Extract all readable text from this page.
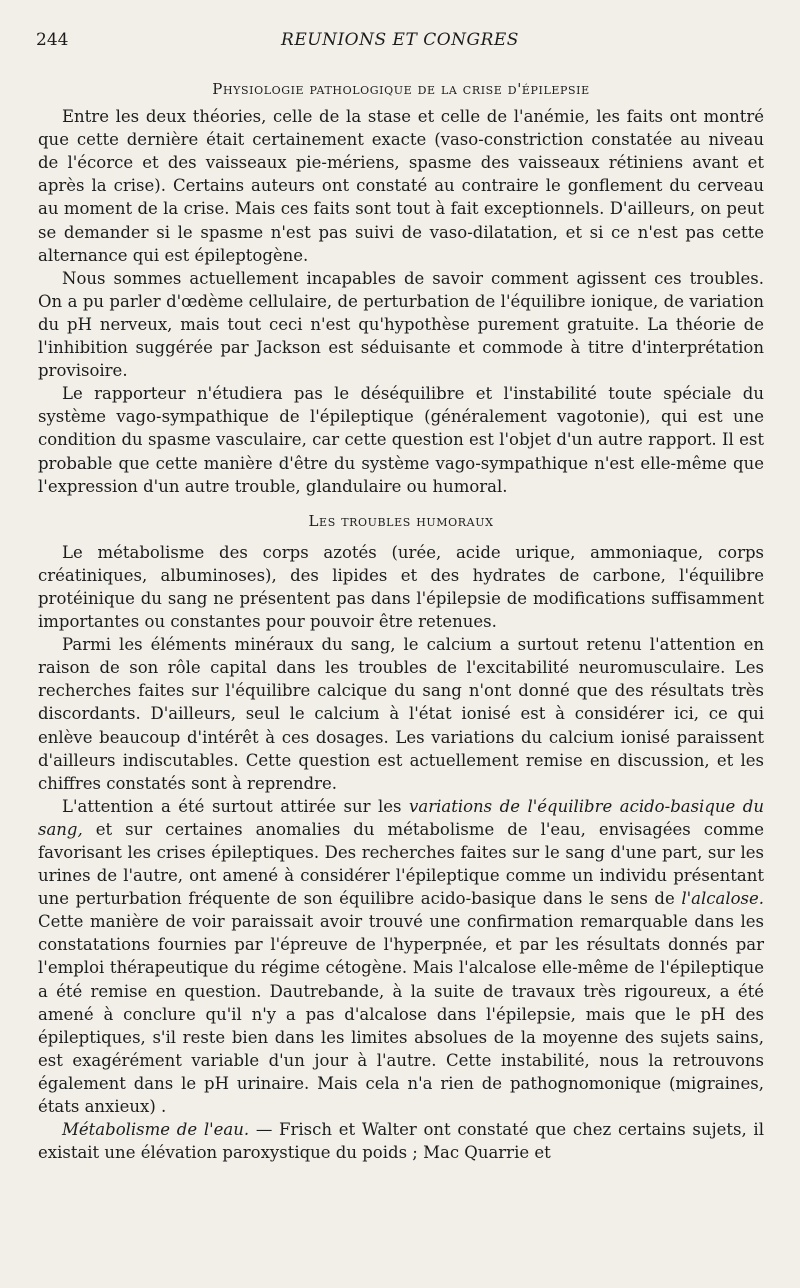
244	REUNIONS ET CONGRES
Physiologie pathologique de la crise d'épilepsie

Entre les deux théories, celle de la stase et celle de l'anémie, les faits ont montré que cette dernière était certainement exacte (vaso-constriction constatée au niveau de l'écorce et des vaisseaux pie-mériens, spasme des vaisseaux rétiniens avant et après la crise). Certains auteurs ont constaté au contraire le gonflement du cerveau au moment de la crise. Mais ces faits sont tout à fait exceptionnels. D'ailleurs, on peut se demander si le spasme n'est pas suivi de vaso-dilatation, et si ce n'est pas cette alternance qui est épileptogène.

Nous sommes actuellement incapables de savoir comment agissent ces troubles. On a pu parler d'œdème cellulaire, de perturbation de l'équilibre ionique, de variation du pH nerveux, mais tout ceci n'est qu'hypothèse purement gratuite. La théorie de l'inhibition suggérée par Jackson est séduisante et commode à titre d'interprétation provisoire.

Le rapporteur n'étudiera pas le déséquilibre et l'instabilité toute spéciale du système vago-sympathique de l'épileptique (généralement vagotonie), qui est une condition du spasme vasculaire, car cette question est l'objet d'un autre rapport. Il est probable que cette manière d'être du système vago-sympathique n'est elle-même que l'expression d'un autre trouble, glandulaire ou humoral.

Les troubles humoraux

Le métabolisme des corps azotés (urée, acide urique, ammoniaque, corps créatiniques, albuminoses), des lipides et des hydrates de carbone, l'équilibre protéinique du sang ne présentent pas dans l'épilepsie de modifications suffisamment importantes ou constantes pour pouvoir être retenues.

Parmi les éléments minéraux du sang, le calcium a surtout retenu l'attention en raison de son rôle capital dans les troubles de l'excitabilité neuromusculaire. Les recherches faites sur l'équilibre calcique du sang n'ont donné que des résultats très discordants. D'ailleurs, seul le calcium à l'état ionisé est à considérer ici, ce qui enlève beaucoup d'intérêt à ces dosages. Les variations du calcium ionisé paraissent d'ailleurs indiscutables. Cette question est actuellement remise en discussion, et les chiffres constatés sont à reprendre.

L'attention a été surtout attirée sur les variations de l'équilibre acido-basique du sang, et sur certaines anomalies du métabolisme de l'eau, envisagées comme favorisant les crises épileptiques. Des recherches faites sur le sang d'une part, sur les urines de l'autre, ont amené à considérer l'épileptique comme un individu présentant une perturbation fréquente de son équilibre acido-basique dans le sens de l'alcalose. Cette manière de voir paraissait avoir trouvé une confirmation remarquable dans les constatations fournies par l'épreuve de l'hyperpnée, et par les résultats donnés par l'emploi thérapeutique du régime cétogène. Mais l'alcalose elle-même de l'épileptique a été remise en question. Dautrebande, à la suite de travaux très rigoureux, a été amené à conclure qu'il n'y a pas d'alcalose dans l'épilepsie, mais que le pH des épileptiques, s'il reste bien dans les limites absolues de la moyenne des sujets sains, est exagérément variable d'un jour à l'autre. Cette instabilité, nous la retrouvons également dans le pH urinaire. Mais cela n'a rien de pathognomonique (migraines, états anxieux) .

Métabolisme de l'eau. — Frisch et Walter ont constaté que chez certains sujets, il existait une élévation paroxystique du poids ; Mac Quarrie et
